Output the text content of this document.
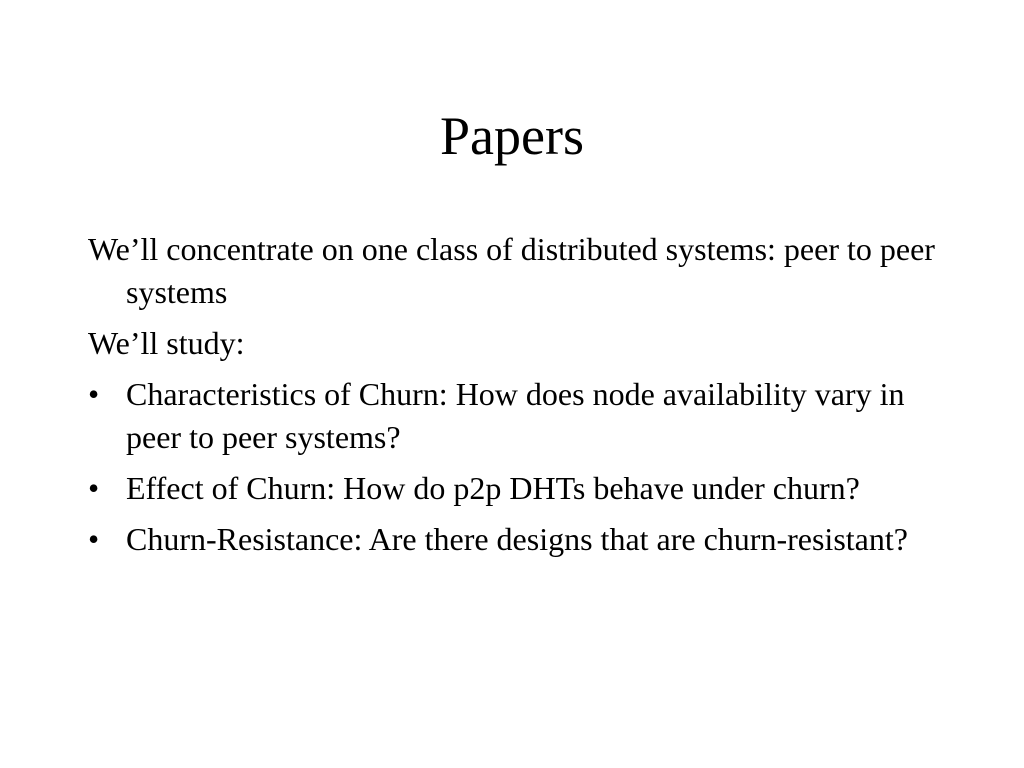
Papers

We’ll concentrate on one class of distributed systems: peer to peer systems

We’ll study:

• Characteristics of Churn: How does node availability vary in peer to peer systems?
• Effect of Churn: How do p2p DHTs behave under churn?
• Churn-Resistance: Are there designs that are churn-resistant?
